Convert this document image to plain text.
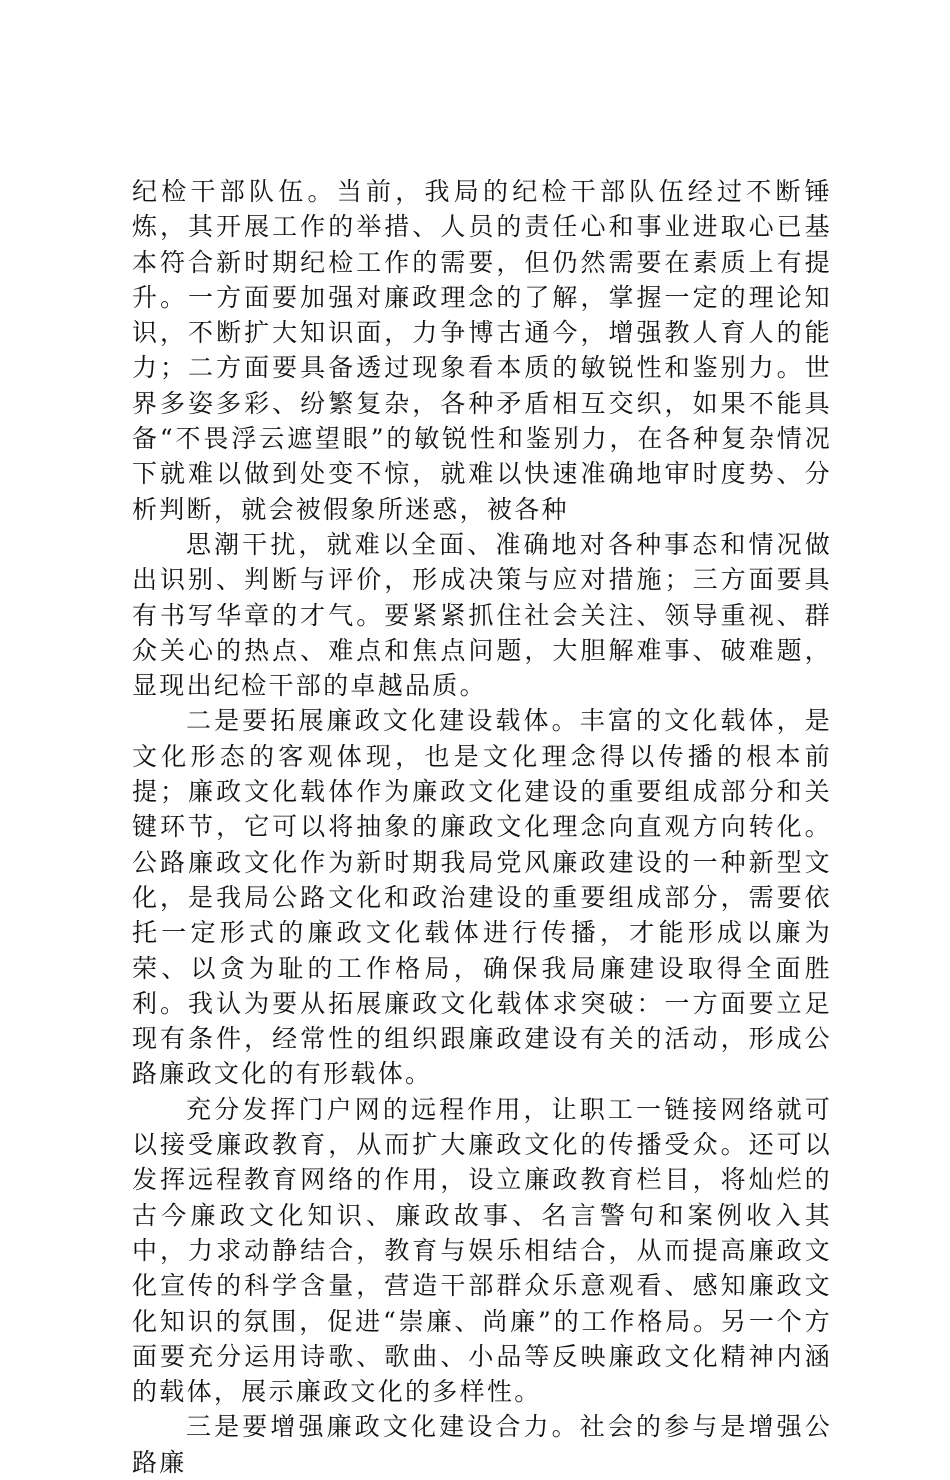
纪检干部队伍。当前，我局的纪检干部队伍经过不断锤炼，其开展工作的举措、人员的责任心和事业进取心已基本符合新时期纪检工作的需要，但仍然需要在素质上有提升。一方面要加强对廉政理念的了解，掌握一定的理论知识，不断扩大知识面，力争博古通今，增强教人育人的能力；二方面要具备透过现象看本质的敏锐性和鉴别力。世界多姿多彩、纷繁复杂，各种矛盾相互交织，如果不能具备“不畏浮云遮望眼”的敏锐性和鉴别力，在各种复杂情况下就难以做到处变不惊，就难以快速准确地审时度势、分析判断，就会被假象所迷惑，被各种

思潮干扰，就难以全面、准确地对各种事态和情况做出识别、判断与评价，形成决策与应对措施；三方面要具有书写华章的才气。要紧紧抓住社会关注、领导重视、群众关心的热点、难点和焦点问题，大胆解难事、破难题，显现出纪检干部的卓越品质。

二是要拓展廉政文化建设载体。丰富的文化载体，是文化形态的客观体现，也是文化理念得以传播的根本前提；廉政文化载体作为廉政文化建设的重要组成部分和关键环节，它可以将抽象的廉政文化理念向直观方向转化。公路廉政文化作为新时期我局党风廉政建设的一种新型文化，是我局公路文化和政治建设的重要组成部分，需要依托一定形式的廉政文化载体进行传播，才能形成以廉为荣、以贪为耻的工作格局，确保我局廉建设取得全面胜利。我认为要从拓展廉政文化载体求突破：一方面要立足现有条件，经常性的组织跟廉政建设有关的活动，形成公路廉政文化的有形载体。

充分发挥门户网的远程作用，让职工一链接网络就可以接受廉政教育，从而扩大廉政文化的传播受众。还可以发挥远程教育网络的作用，设立廉政教育栏目，将灿烂的古今廉政文化知识、廉政故事、名言警句和案例收入其中，力求动静结合，教育与娱乐相结合，从而提高廉政文化宣传的科学含量，营造干部群众乐意观看、感知廉政文化知识的氛围，促进“崇廉、尚廉”的工作格局。另一个方面要充分运用诗歌、歌曲、小品等反映廉政文化精神内涵的载体，展示廉政文化的多样性。

三是要增强廉政文化建设合力。社会的参与是增强公路廉
